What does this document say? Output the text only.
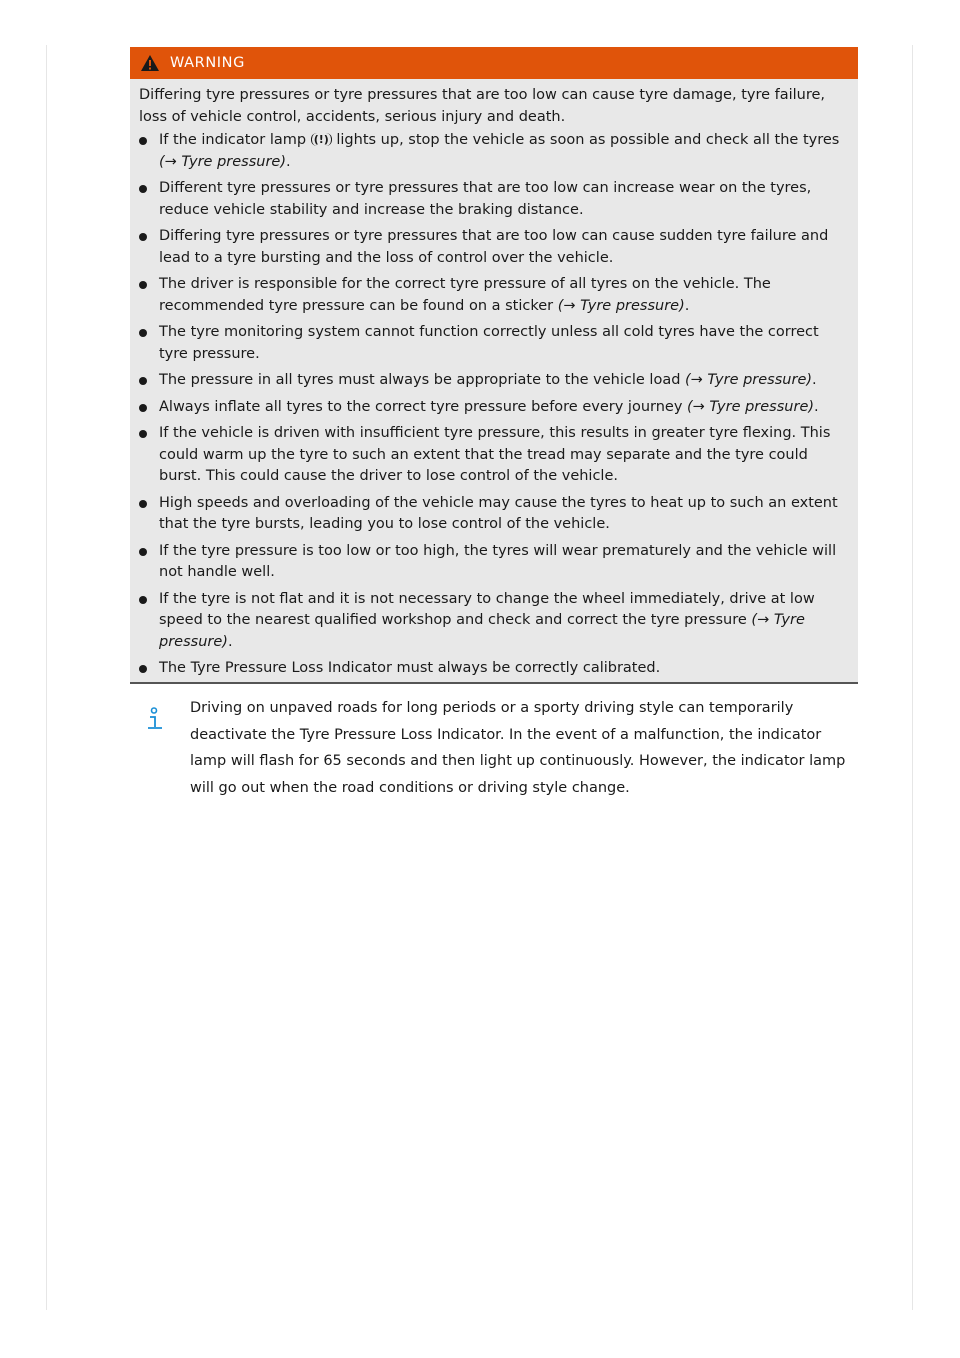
WARNING

Differing tyre pressures or tyre pressures that are too low can cause tyre damage, tyre failure, loss of vehicle control, accidents, serious injury and death.

If the indicator lamp (!) lights up, stop the vehicle as soon as possible and check all the tyres (→ Tyre pressure).
Different tyre pressures or tyre pressures that are too low can increase wear on the tyres, reduce vehicle stability and increase the braking distance.
Differing tyre pressures or tyre pressures that are too low can cause sudden tyre failure and lead to a tyre bursting and the loss of control over the vehicle.
The driver is responsible for the correct tyre pressure of all tyres on the vehicle. The recommended tyre pressure can be found on a sticker (→ Tyre pressure).
The tyre monitoring system cannot function correctly unless all cold tyres have the correct tyre pressure.
The pressure in all tyres must always be appropriate to the vehicle load (→ Tyre pressure).
Always inflate all tyres to the correct tyre pressure before every journey (→ Tyre pressure).
If the vehicle is driven with insufficient tyre pressure, this results in greater tyre flexing. This could warm up the tyre to such an extent that the tread may separate and the tyre could burst. This could cause the driver to lose control of the vehicle.
High speeds and overloading of the vehicle may cause the tyres to heat up to such an extent that the tyre bursts, leading you to lose control of the vehicle.
If the tyre pressure is too low or too high, the tyres will wear prematurely and the vehicle will not handle well.
If the tyre is not flat and it is not necessary to change the wheel immediately, drive at low speed to the nearest qualified workshop and check and correct the tyre pressure (→ Tyre pressure).
The Tyre Pressure Loss Indicator must always be correctly calibrated.

Driving on unpaved roads for long periods or a sporty driving style can temporarily deactivate the Tyre Pressure Loss Indicator. In the event of a malfunction, the indicator lamp will flash for 65 seconds and then light up continuously. However, the indicator lamp will go out when the road conditions or driving style change.
